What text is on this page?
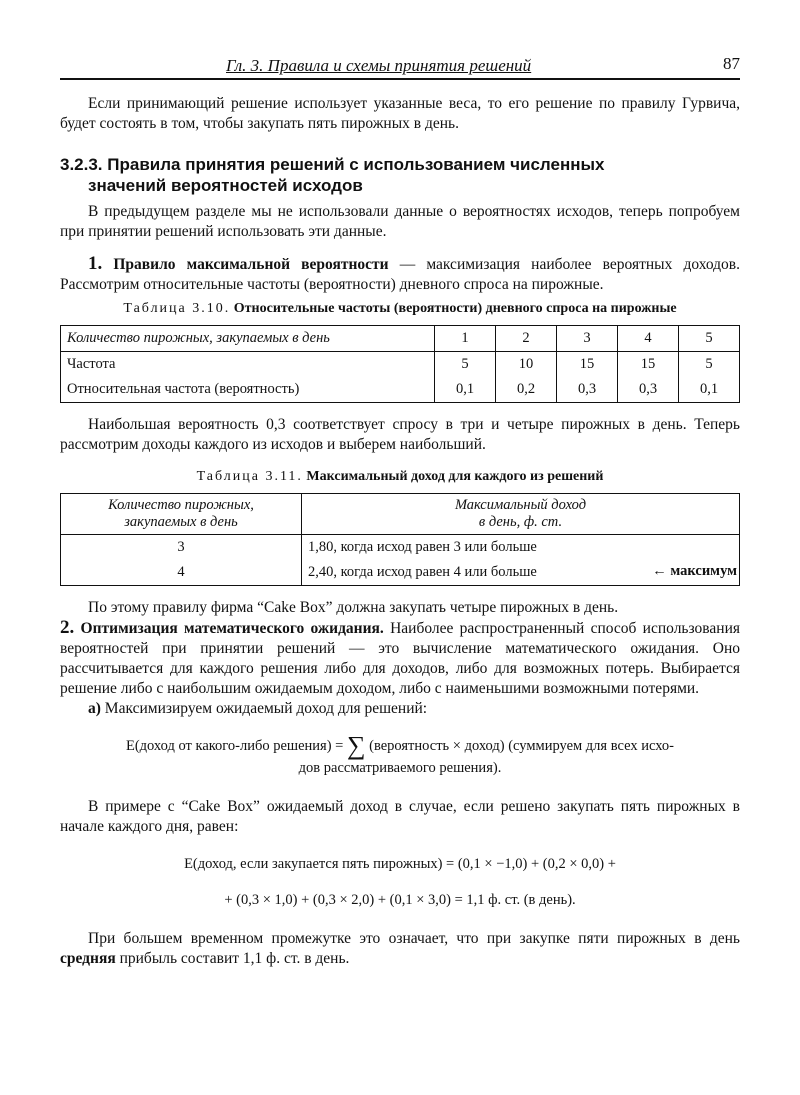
Гл. 3. Правила и схемы принятия решений	87

Если принимающий решение использует указанные веса, то его решение по правилу Гурвича, будет состоять в том, чтобы закупать пять пирожных в день.

3.2.3. Правила принятия решений с использованием численных
значений вероятностей исходов

В предыдущем разделе мы не использовали данные о вероятностях исходов, теперь попробуем при принятии решений использовать эти данные.

1. Правило максимальной вероятности — максимизация наиболее вероятных доходов. Рассмотрим относительные частоты (вероятности) дневного спроса на пирожные.

Таблица 3.10. Относительные частоты (вероятности) дневного спроса на пирожные
Количество пирожных, закупаемых в день	1	2	3	4	5
Частота	5	10	15	15	5
Относительная частота (вероятность)	0,1	0,2	0,3	0,3	0,1

Наибольшая вероятность 0,3 соответствует спросу в три и четыре пирожных в день. Теперь рассмотрим доходы каждого из исходов и выберем наибольший.

Таблица 3.11. Максимальный доход для каждого из решений
Количество пирожных,
закупаемых в день	Максимальный доход
в день, ф. ст.
3	1,80, когда исход равен 3 или больше
4	2,40, когда исход равен 4 или больше ← максимум

По этому правилу фирма “Cake Box” должна закупать четыре пирожных в день.

2. Оптимизация математического ожидания. Наиболее распространенный способ использования вероятностей при принятии решений — это вычисление математического ожидания. Оно рассчитывается для каждого решения либо для доходов, либо для возможных потерь. Выбирается решение либо с наибольшим ожидаемым доходом, либо с наименьшими возможными потерями.

а) Максимизируем ожидаемый доход для решений:

Е(доход от какого-либо решения) = ∑ (вероятность × доход) (суммируем для всех исхо-
дов рассматриваемого решения).

В примере с “Cake Box” ожидаемый доход в случае, если решено закупать пять пирожных в начале каждого дня, равен:

Е(доход, если закупается пять пирожных) = (0,1 × −1,0) + (0,2 × 0,0) +
+ (0,3 × 1,0) + (0,3 × 2,0) + (0,1 × 3,0) = 1,1 ф. ст. (в день).

При большем временном промежутке это означает, что при закупке пяти пирожных в день средняя прибыль составит 1,1 ф. ст. в день.
